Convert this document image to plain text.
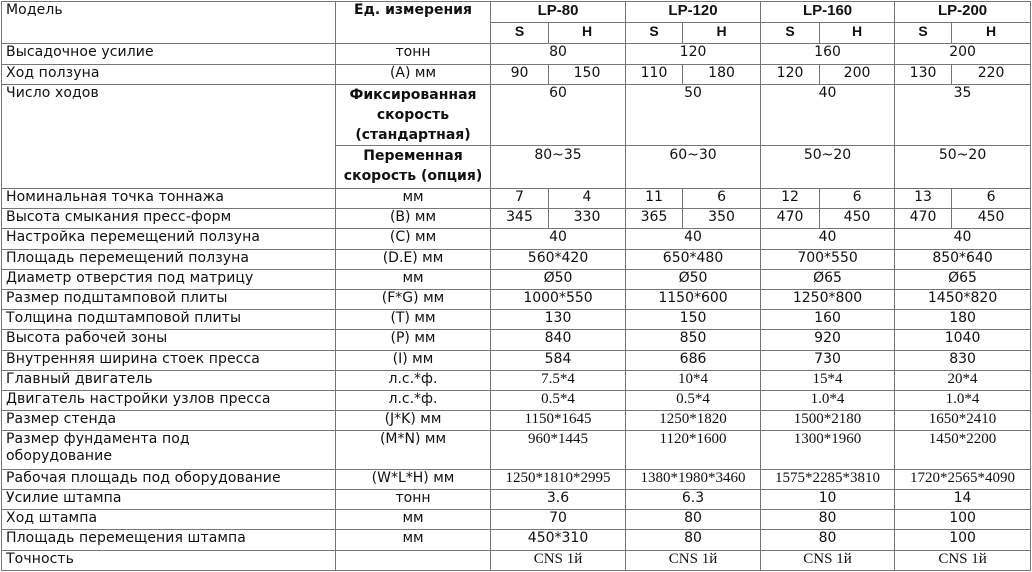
Модель	Ед. измерения	LP-80		LP-120		LP-160		LP-200	
		S	H	S	H	S	H	S	H
Высадочное усилие	тонн	80		120		160		200	
Ход ползуна	(A) мм	90	150	110	180	120	200	130	220
Число ходов	Фиксированная скорость (стандартная)	60		50		40		35	
	Переменная скорость (опция)	80~35		60~30		50~20		50~20	
Номинальная точка тоннажа	мм	7	4	11	6	12	6	13	6
Высота смыкания пресс-форм	(B) мм	345	330	365	350	470	450	470	450
Настройка перемещений ползуна	(C) мм	40		40		40		40	
Площадь перемещений ползуна	(D.E) мм	560*420		650*480		700*550		850*640	
Диаметр отверстия под матрицу	мм	Ø50		Ø50		Ø65		Ø65	
Размер подштамповой плиты	(F*G) мм	1000*550		1150*600		1250*800		1450*820	
Толщина подштамповой плиты	(T) мм	130		150		160		180	
Высота рабочей зоны	(P) мм	840		850		920		1040	
Внутренняя ширина стоек пресса	(I) мм	584		686		730		830	
Главный двигатель	л.с.*ф.	7.5*4		10*4		15*4		20*4	
Двигатель настройки узлов пресса	л.с.*ф.	0.5*4		0.5*4		1.0*4		1.0*4	
Размер стенда	(J*K) мм	1150*1645		1250*1820		1500*2180		1650*2410	
Размер фундамента под оборудование	(M*N) мм	960*1445		1120*1600		1300*1960		1450*2200	
Рабочая площадь под оборудование	(W*L*H) мм	1250*1810*2995		1380*1980*3460		1575*2285*3810		1720*2565*4090	
Усилие штампа	тонн	3.6		6.3		10		14	
Ход штампа	мм	70		80		80		100	
Площадь перемещения штампа	мм	450*310		80		80		100	
Точность		CNS 1й		CNS 1й		CNS 1й		CNS 1й	
